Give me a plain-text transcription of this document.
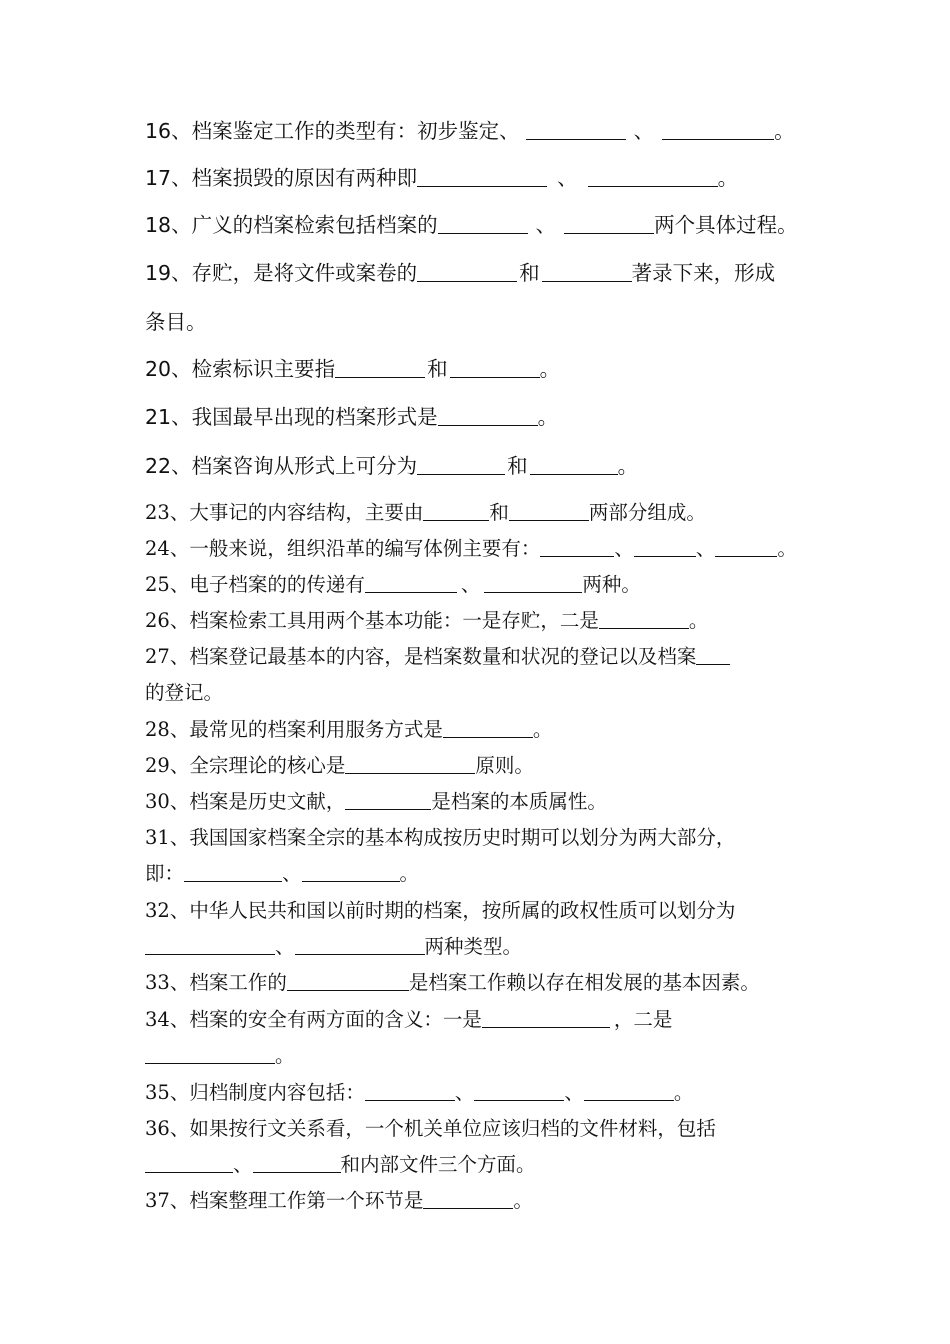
16、档案鉴定工作的类型有：初步鉴定、	、	。
17、档案损毁的原因有两种即	、	。
18、广义的档案检索包括档案的	、	两个具体过程。
19、存贮，是将文件或案卷的	和	著录下来，形成
条目。
20、检索标识主要指	和	。
21、我国最早出现的档案形式是	。
22、档案咨询从形式上可分为	和	。
23、大事记的内容结构，主要由	和	两部分组成。
24、一般来说，组织沿革的编写体例主要有：	、	、	。
25、电子档案的的传递有	、	两种。
26、档案检索工具用两个基本功能：一是存贮，二是	。
27、档案登记最基本的内容，是档案数量和状况的登记以及档案
的登记。
28、最常见的档案利用服务方式是	。
29、全宗理论的核心是	原则。
30、档案是历史文献，	是档案的本质属性。
31、我国国家档案全宗的基本构成按历史时期可以划分为两大部分，
即：	、	。
32、中华人民共和国以前时期的档案，按所属的政权性质可以划分为
、	两种类型。
33、档案工作的	是档案工作赖以存在相发展的基本因素。
34、档案的安全有两方面的含义：一是	，二是
。
35、归档制度内容包括：	、	、	。
36、如果按行文关系看，一个机关单位应该归档的文件材料，包括
、	和内部文件三个方面。
37、档案整理工作第一个环节是	。
